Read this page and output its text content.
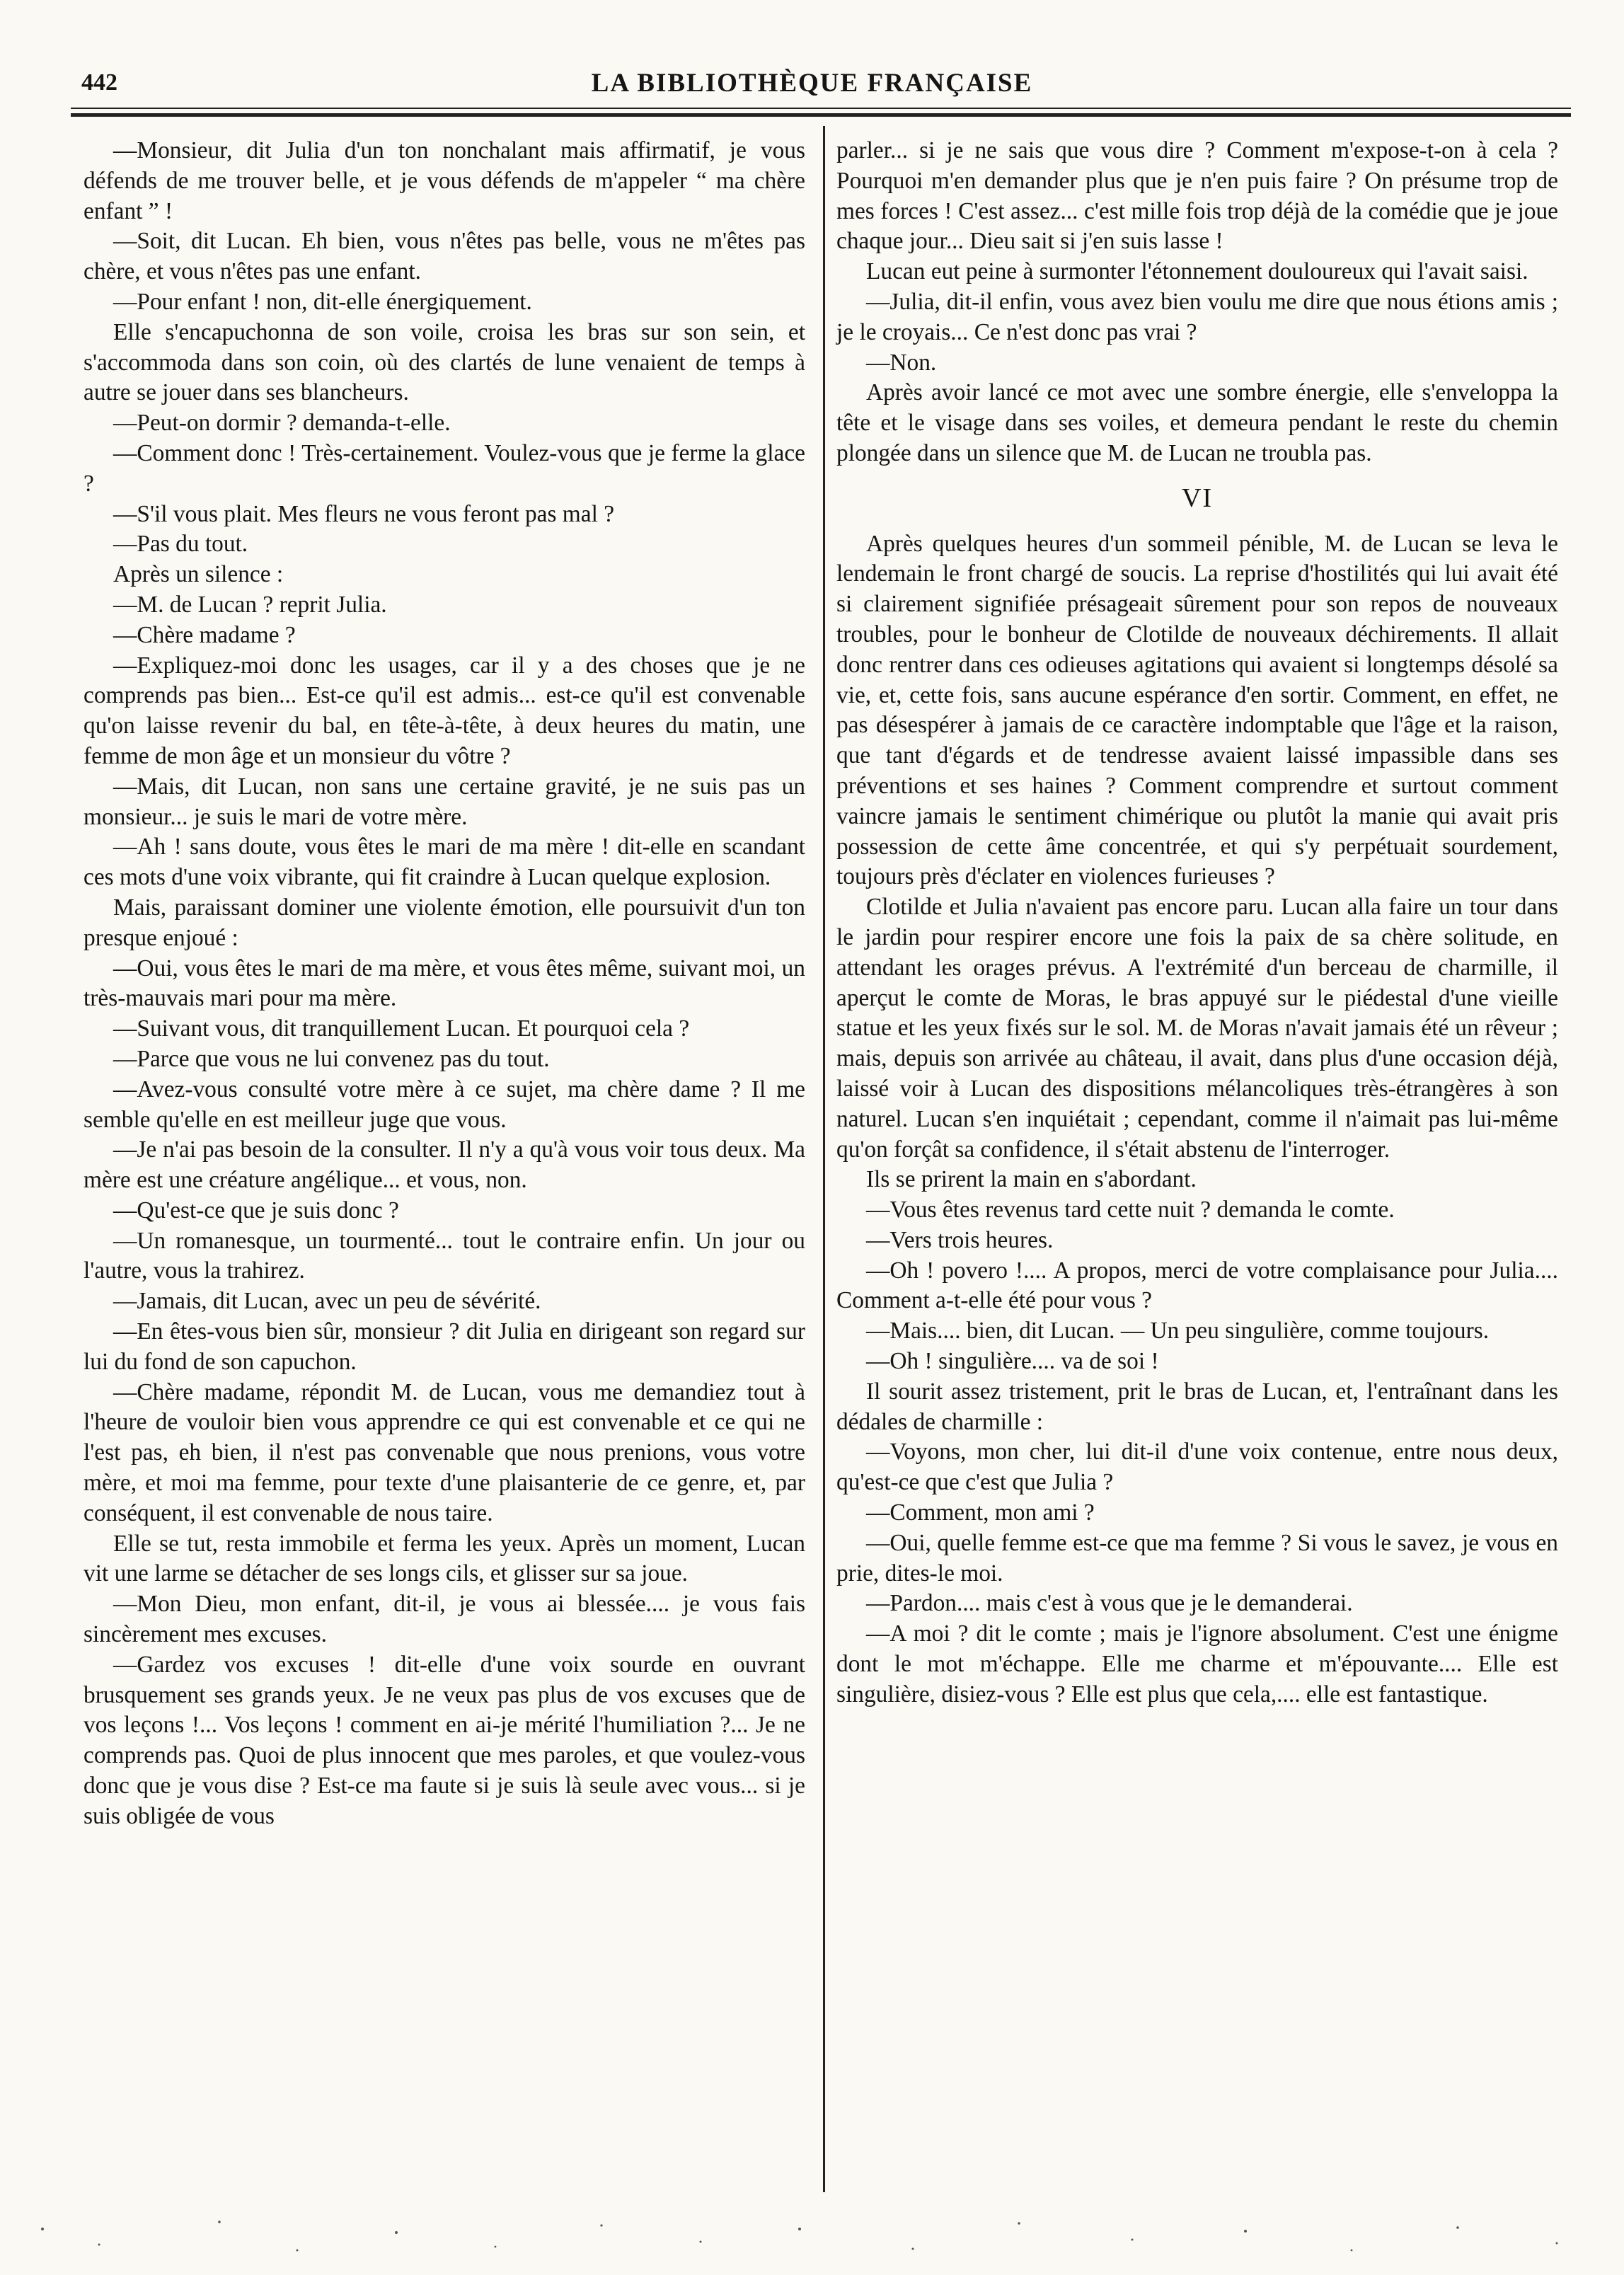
442	LA BIBLIOTHÈQUE FRANÇAISE

—Monsieur, dit Julia d'un ton nonchalant mais affirmatif, je vous défends de me trouver belle, et je vous défends de m'appeler “ ma chère enfant ” !

—Soit, dit Lucan. Eh bien, vous n'êtes pas belle, vous ne m'êtes pas chère, et vous n'êtes pas une enfant.

—Pour enfant ! non, dit-elle énergiquement.

Elle s'encapuchonna de son voile, croisa les bras sur son sein, et s'accommoda dans son coin, où des clartés de lune venaient de temps à autre se jouer dans ses blancheurs.

—Peut-on dormir ? demanda-t-elle.

—Comment donc ! Très-certainement. Voulez-vous que je ferme la glace ?

—S'il vous plait. Mes fleurs ne vous feront pas mal ?

—Pas du tout.

Après un silence :

—M. de Lucan ? reprit Julia.

—Chère madame ?

—Expliquez-moi donc les usages, car il y a des choses que je ne comprends pas bien... Est-ce qu'il est admis... est-ce qu'il est convenable qu'on laisse revenir du bal, en tête-à-tête, à deux heures du matin, une femme de mon âge et un monsieur du vôtre ?

—Mais, dit Lucan, non sans une certaine gravité, je ne suis pas un monsieur... je suis le mari de votre mère.

—Ah ! sans doute, vous êtes le mari de ma mère ! dit-elle en scandant ces mots d'une voix vibrante, qui fit craindre à Lucan quelque explosion.

Mais, paraissant dominer une violente émotion, elle poursuivit d'un ton presque enjoué :

—Oui, vous êtes le mari de ma mère, et vous êtes même, suivant moi, un très-mauvais mari pour ma mère.

—Suivant vous, dit tranquillement Lucan. Et pourquoi cela ?

—Parce que vous ne lui convenez pas du tout.

—Avez-vous consulté votre mère à ce sujet, ma chère dame ? Il me semble qu'elle en est meilleur juge que vous.

—Je n'ai pas besoin de la consulter. Il n'y a qu'à vous voir tous deux. Ma mère est une créature angélique... et vous, non.

—Qu'est-ce que je suis donc ?

—Un romanesque, un tourmenté... tout le contraire enfin. Un jour ou l'autre, vous la trahirez.

—Jamais, dit Lucan, avec un peu de sévérité.

—En êtes-vous bien sûr, monsieur ? dit Julia en dirigeant son regard sur lui du fond de son capuchon.

—Chère madame, répondit M. de Lucan, vous me demandiez tout à l'heure de vouloir bien vous apprendre ce qui est convenable et ce qui ne l'est pas, eh bien, il n'est pas convenable que nous prenions, vous votre mère, et moi ma femme, pour texte d'une plaisanterie de ce genre, et, par conséquent, il est convenable de nous taire.

Elle se tut, resta immobile et ferma les yeux. Après un moment, Lucan vit une larme se détacher de ses longs cils, et glisser sur sa joue.

—Mon Dieu, mon enfant, dit-il, je vous ai blessée.... je vous fais sincèrement mes excuses.

—Gardez vos excuses ! dit-elle d'une voix sourde en ouvrant brusquement ses grands yeux. Je ne veux pas plus de vos excuses que de vos leçons !... Vos leçons ! comment en ai-je mérité l'humiliation ?... Je ne comprends pas. Quoi de plus innocent que mes paroles, et que voulez-vous donc que je vous dise ? Est-ce ma faute si je suis là seule avec vous... si je suis obligée de vous

parler... si je ne sais que vous dire ? Comment m'expose-t-on à cela ? Pourquoi m'en demander plus que je n'en puis faire ? On présume trop de mes forces ! C'est assez... c'est mille fois trop déjà de la comédie que je joue chaque jour... Dieu sait si j'en suis lasse !

Lucan eut peine à surmonter l'étonnement douloureux qui l'avait saisi.

—Julia, dit-il enfin, vous avez bien voulu me dire que nous étions amis ; je le croyais... Ce n'est donc pas vrai ?

—Non.

Après avoir lancé ce mot avec une sombre énergie, elle s'enveloppa la tête et le visage dans ses voiles, et demeura pendant le reste du chemin plongée dans un silence que M. de Lucan ne troubla pas.

VI

Après quelques heures d'un sommeil pénible, M. de Lucan se leva le lendemain le front chargé de soucis. La reprise d'hostilités qui lui avait été si clairement signifiée présageait sûrement pour son repos de nouveaux troubles, pour le bonheur de Clotilde de nouveaux déchirements. Il allait donc rentrer dans ces odieuses agitations qui avaient si longtemps désolé sa vie, et, cette fois, sans aucune espérance d'en sortir. Comment, en effet, ne pas désespérer à jamais de ce caractère indomptable que l'âge et la raison, que tant d'égards et de tendresse avaient laissé impassible dans ses préventions et ses haines ? Comment comprendre et surtout comment vaincre jamais le sentiment chimérique ou plutôt la manie qui avait pris possession de cette âme concentrée, et qui s'y perpétuait sourdement, toujours près d'éclater en violences furieuses ?

Clotilde et Julia n'avaient pas encore paru. Lucan alla faire un tour dans le jardin pour respirer encore une fois la paix de sa chère solitude, en attendant les orages prévus. A l'extrémité d'un berceau de charmille, il aperçut le comte de Moras, le bras appuyé sur le piédestal d'une vieille statue et les yeux fixés sur le sol. M. de Moras n'avait jamais été un rêveur ; mais, depuis son arrivée au château, il avait, dans plus d'une occasion déjà, laissé voir à Lucan des dispositions mélancoliques très-étrangères à son naturel. Lucan s'en inquiétait ; cependant, comme il n'aimait pas lui-même qu'on forçât sa confidence, il s'était abstenu de l'interroger.

Ils se prirent la main en s'abordant.

—Vous êtes revenus tard cette nuit ? demanda le comte.

—Vers trois heures.

—Oh ! povero !.... A propos, merci de votre complaisance pour Julia.... Comment a-t-elle été pour vous ?

—Mais.... bien, dit Lucan. — Un peu singulière, comme toujours.

—Oh ! singulière.... va de soi !

Il sourit assez tristement, prit le bras de Lucan, et, l'entraînant dans les dédales de charmille :

—Voyons, mon cher, lui dit-il d'une voix contenue, entre nous deux, qu'est-ce que c'est que Julia ?

—Comment, mon ami ?

—Oui, quelle femme est-ce que ma femme ? Si vous le savez, je vous en prie, dites-le moi.

—Pardon.... mais c'est à vous que je le demanderai.

—A moi ? dit le comte ; mais je l'ignore absolument. C'est une énigme dont le mot m'échappe. Elle me charme et m'épouvante.... Elle est singulière, disiez-vous ? Elle est plus que cela,.... elle est fantastique.
